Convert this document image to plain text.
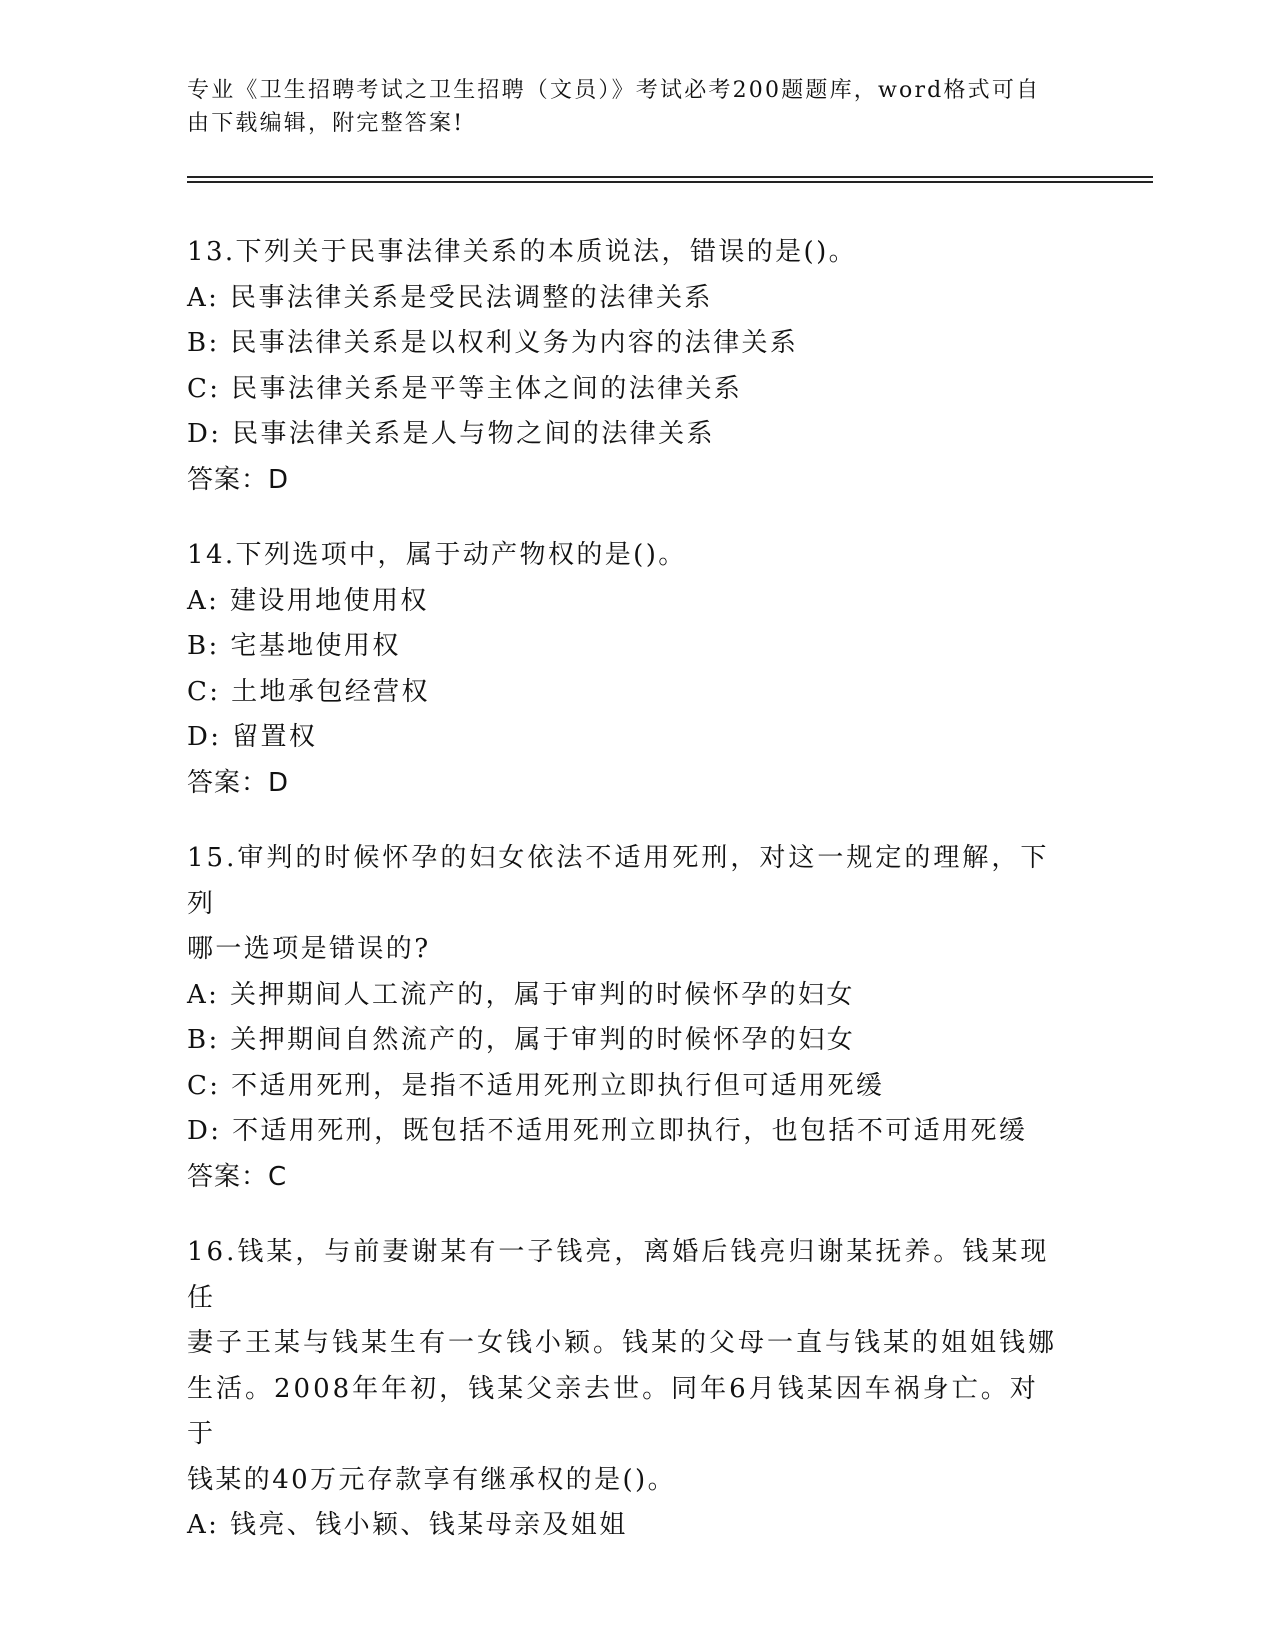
专业《卫生招聘考试之卫生招聘（文员）》考试必考200题题库，word格式可自
由下载编辑，附完整答案!
13.下列关于民事法律关系的本质说法，错误的是()。
A: 民事法律关系是受民法调整的法律关系
B: 民事法律关系是以权利义务为内容的法律关系
C: 民事法律关系是平等主体之间的法律关系
D: 民事法律关系是人与物之间的法律关系
答案：D
14.下列选项中，属于动产物权的是()。
A: 建设用地使用权
B: 宅基地使用权
C: 土地承包经营权
D: 留置权
答案：D
15.审判的时候怀孕的妇女依法不适用死刑，对这一规定的理解，下列
哪一选项是错误的?
A: 关押期间人工流产的，属于审判的时候怀孕的妇女
B: 关押期间自然流产的，属于审判的时候怀孕的妇女
C: 不适用死刑，是指不适用死刑立即执行但可适用死缓
D: 不适用死刑，既包括不适用死刑立即执行，也包括不可适用死缓
答案：C
16.钱某，与前妻谢某有一子钱亮，离婚后钱亮归谢某抚养。钱某现任
妻子王某与钱某生有一女钱小颖。钱某的父母一直与钱某的姐姐钱娜
生活。2008年年初，钱某父亲去世。同年6月钱某因车祸身亡。对于
钱某的40万元存款享有继承权的是()。
A: 钱亮、钱小颖、钱某母亲及姐姐
